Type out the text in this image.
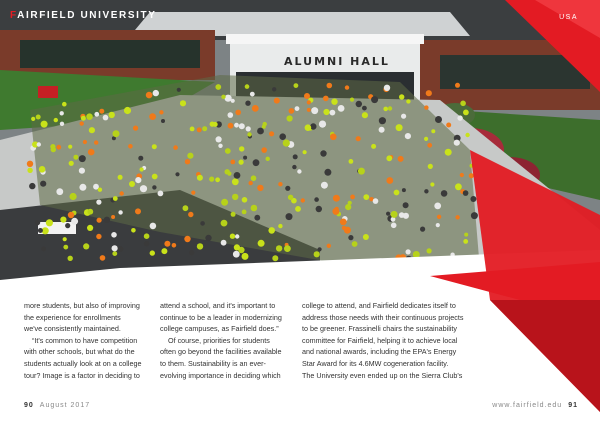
ALUMNI HALL
FAIRFIELD UNIVERSITY	USA

more students, but also of improving

the experience for enrollments

we've consistently maintained.

“It's common to have competition

with other schools, but what do the

students actually look at on a college

tour? Image is a factor in deciding to

attend a school, and it's important to

continue to be a leader in modernizing

college campuses, as Fairfield does.”

Of course, priorities for students

often go beyond the facilities available

to them. Sustainability is an ever-

evolving importance in deciding which

college to attend, and Fairfield dedicates itself to

address those needs with their continuous projects

to be greener. Frassinelli chairs the sustainability

committee for Fairfield, helping it to achieve local

and national awards, including the EPA's Energy

Star Award for its 4.6MW cogeneration facility.

The University even ended up on the Sierra Club's

90 August 2017	www.fairfield.edu 91
